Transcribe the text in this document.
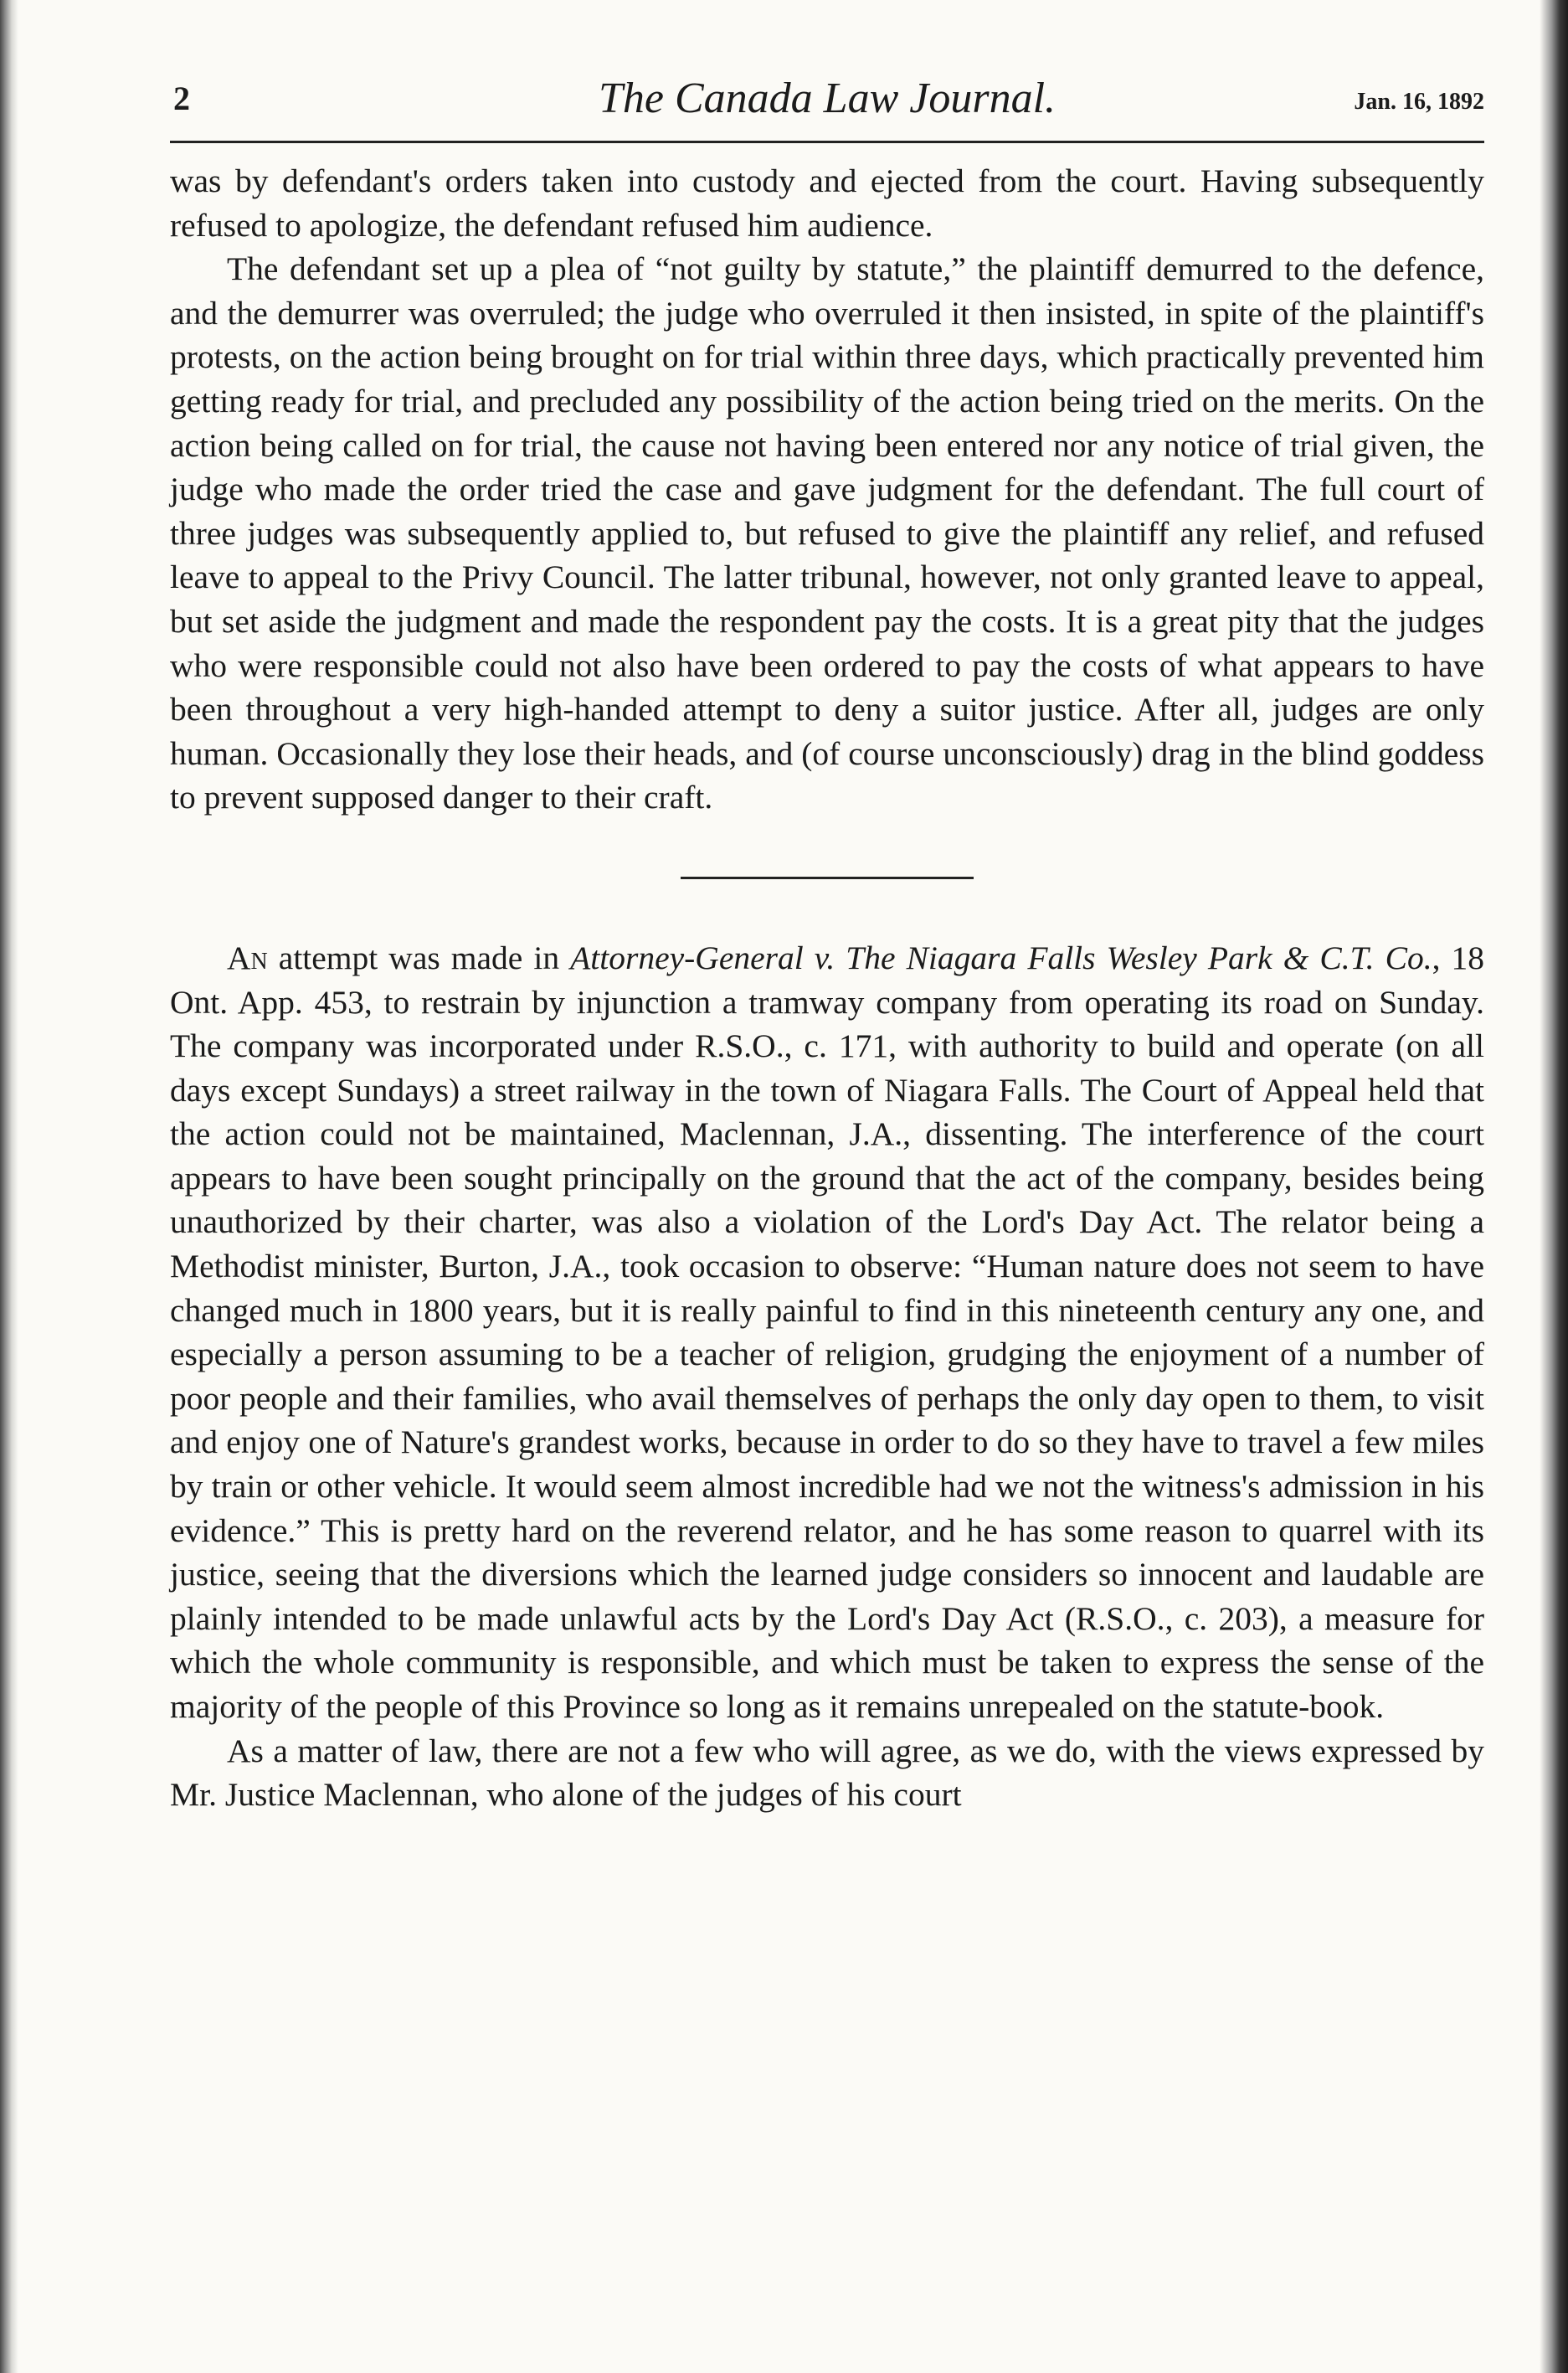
2	The Canada Law Journal.	Jan. 16, 1892

was by defendant's orders taken into custody and ejected from the court. Having subsequently refused to apologize, the defendant refused him audience.

The defendant set up a plea of “not guilty by statute,” the plaintiff demurred to the defence, and the demurrer was overruled; the judge who overruled it then insisted, in spite of the plaintiff's protests, on the action being brought on for trial within three days, which practically prevented him getting ready for trial, and precluded any possibility of the action being tried on the merits. On the action being called on for trial, the cause not having been entered nor any notice of trial given, the judge who made the order tried the case and gave judgment for the defendant. The full court of three judges was subsequently applied to, but refused to give the plaintiff any relief, and refused leave to appeal to the Privy Council. The latter tribunal, however, not only granted leave to appeal, but set aside the judgment and made the respondent pay the costs. It is a great pity that the judges who were responsible could not also have been ordered to pay the costs of what appears to have been throughout a very high-handed attempt to deny a suitor justice. After all, judges are only human. Occasionally they lose their heads, and (of course unconsciously) drag in the blind goddess to prevent supposed danger to their craft.

An attempt was made in Attorney-General v. The Niagara Falls Wesley Park & C.T. Co., 18 Ont. App. 453, to restrain by injunction a tramway company from operating its road on Sunday. The company was incorporated under R.S.O., c. 171, with authority to build and operate (on all days except Sundays) a street railway in the town of Niagara Falls. The Court of Appeal held that the action could not be maintained, Maclennan, J.A., dissenting. The interference of the court appears to have been sought principally on the ground that the act of the company, besides being unauthorized by their charter, was also a violation of the Lord's Day Act. The relator being a Methodist minister, Burton, J.A., took occasion to observe: “Human nature does not seem to have changed much in 1800 years, but it is really painful to find in this nineteenth century any one, and especially a person assuming to be a teacher of religion, grudging the enjoyment of a number of poor people and their families, who avail themselves of perhaps the only day open to them, to visit and enjoy one of Nature's grandest works, because in order to do so they have to travel a few miles by train or other vehicle. It would seem almost incredible had we not the witness's admission in his evidence.” This is pretty hard on the reverend relator, and he has some reason to quarrel with its justice, seeing that the diversions which the learned judge considers so innocent and laudable are plainly intended to be made unlawful acts by the Lord's Day Act (R.S.O., c. 203), a measure for which the whole community is responsible, and which must be taken to express the sense of the majority of the people of this Province so long as it remains unrepealed on the statute-book.

As a matter of law, there are not a few who will agree, as we do, with the views expressed by Mr. Justice Maclennan, who alone of the judges of his court
